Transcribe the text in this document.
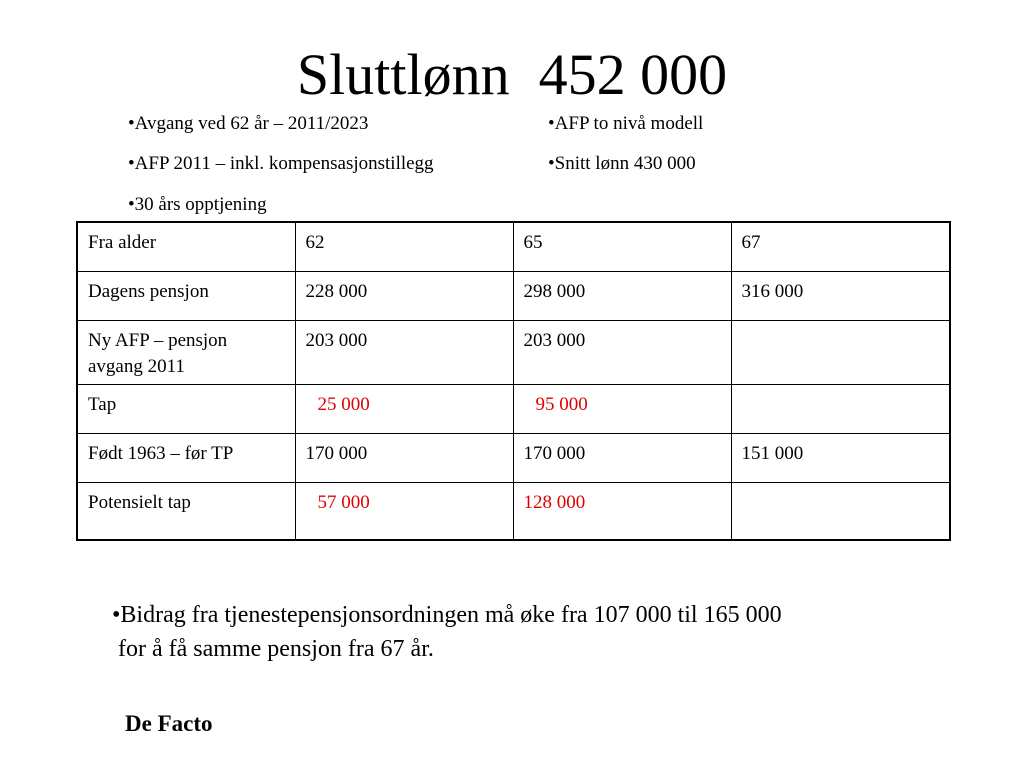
Sluttlønn  452 000
•Avgang ved 62 år – 2011/2023
•AFP 2011 – inkl. kompensasjonstillegg
•30 års opptjening
•AFP to nivå modell
•Snitt lønn 430 000
Fra alder	62	65	67
Dagens pensjon	228 000	298 000	316 000
Ny AFP – pensjon avgang 2011	203 000	203 000	
Tap	25 000	95 000	
Født 1963 – før TP	170 000	170 000	151 000
Potensielt tap	57 000	128 000	
•Bidrag fra tjenestepensjonsordningen må øke fra 107 000 til 165 000
for å få samme pensjon fra 67 år.
De Facto
